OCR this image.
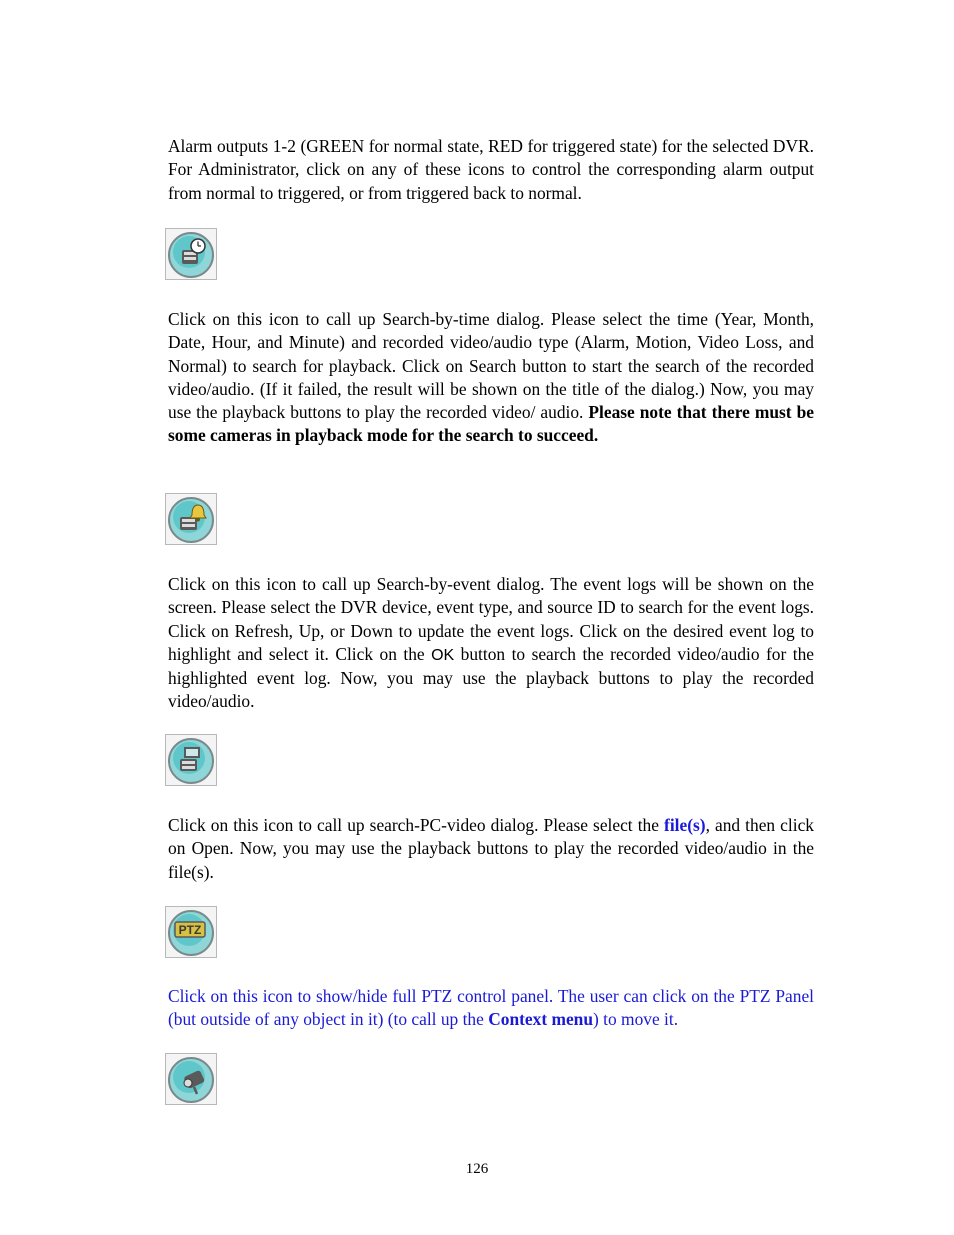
Alarm outputs 1-2 (GREEN for normal state, RED for triggered state) for the selected DVR. For Administrator, click on any of these icons to control the corresponding alarm output from normal to triggered, or from triggered back to normal.

Click on this icon to call up Search-by-time dialog. Please select the time (Year, Month, Date, Hour, and Minute) and recorded video/audio type (Alarm, Motion, Video Loss, and Normal) to search for playback. Click on Search button to start the search of the recorded video/audio. (If it failed, the result will be shown on the title of the dialog.) Now, you may use the playback buttons to play the recorded video/ audio. Please note that there must be some cameras in playback mode for the search to succeed.

Click on this icon to call up Search-by-event dialog. The event logs will be shown on the screen. Please select the DVR device, event type, and source ID to search for the event logs. Click on Refresh, Up, or Down to update the event logs. Click on the desired event log to highlight and select it. Click on the OK button to search the recorded video/audio for the highlighted event log. Now, you may use the playback buttons to play the recorded video/audio.

Click on this icon to call up search-PC-video dialog. Please select the file(s), and then click on Open. Now, you may use the playback buttons to play the recorded video/audio in the file(s).

PTZ

Click on this icon to show/hide full PTZ control panel. The user can click on the PTZ Panel (but outside of any object in it) (to call up the Context menu) to move it.

126
